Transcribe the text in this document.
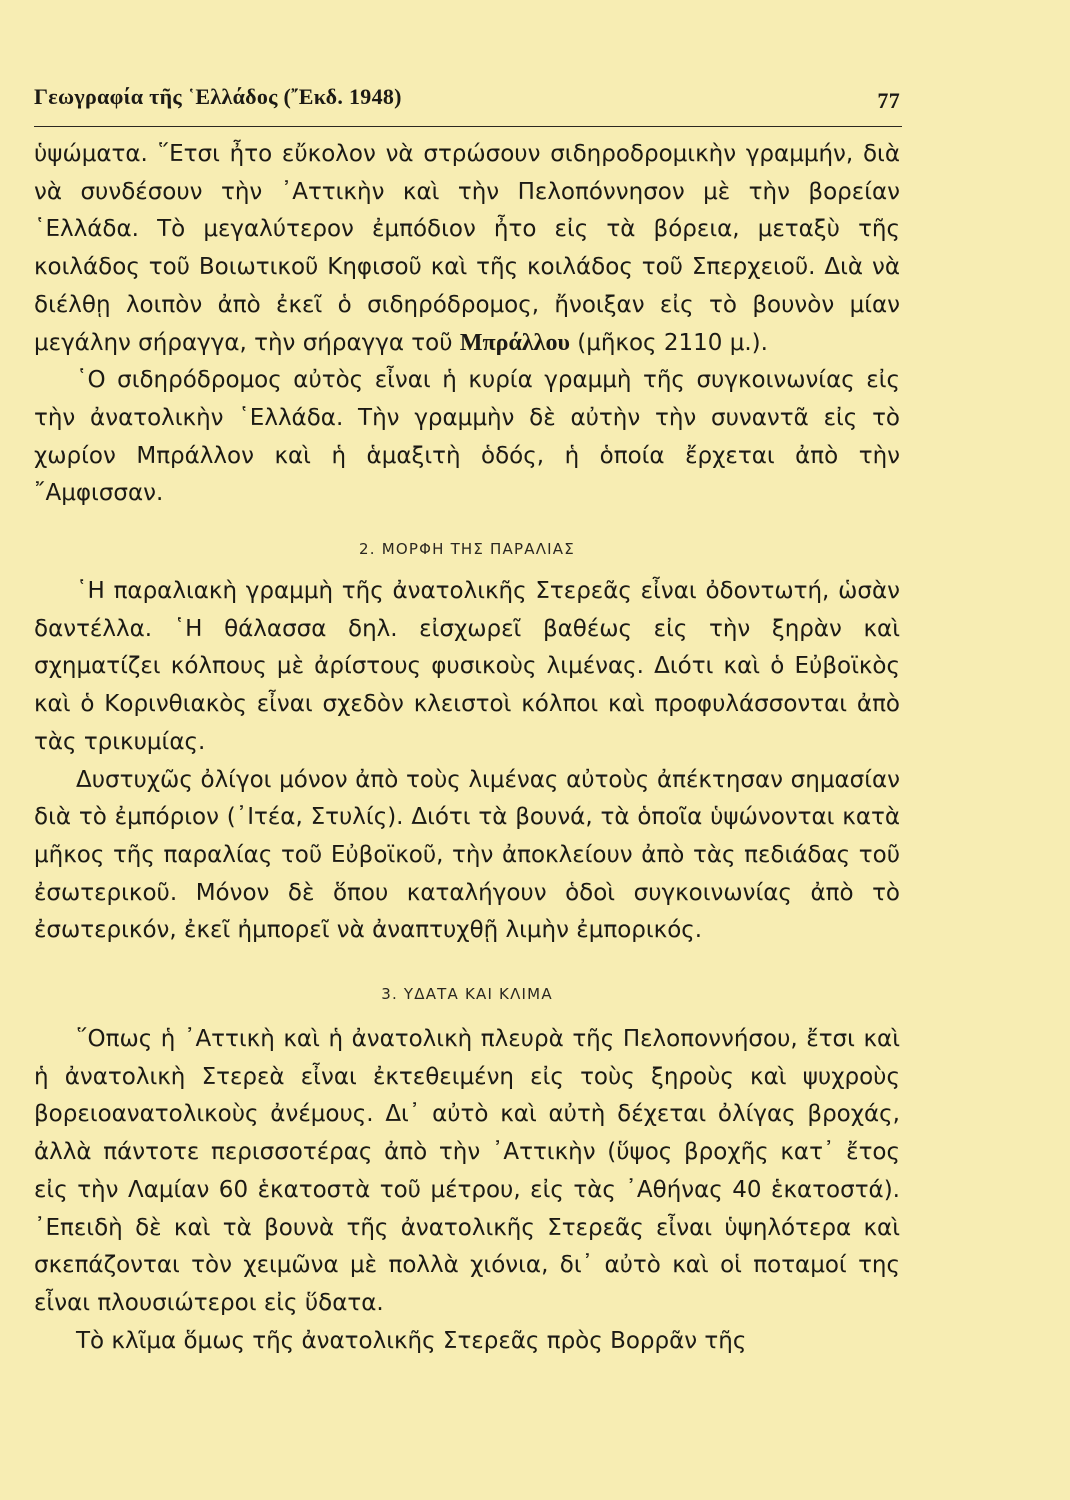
Γεωγραφία τῆς ῾Ελλάδος (῎Εκδ. 1948)	77

ὑψώματα. ῞Ετσι ἦτο εὔκολον νὰ στρώσουν σιδηροδρομικὴν γραμμήν, διὰ νὰ συνδέσουν τὴν ᾿Αττικὴν καὶ τὴν Πελοπόννησον μὲ τὴν βορείαν ῾Ελλάδα. Τὸ μεγαλύτερον ἐμπόδιον ἦτο εἰς τὰ βόρεια, μεταξὺ τῆς κοιλάδος τοῦ Βοιωτικοῦ Κηφισοῦ καὶ τῆς κοιλάδος τοῦ Σπερχειοῦ. Διὰ νὰ διέλθῃ λοιπὸν ἀπὸ ἐκεῖ ὁ σιδηρόδρομος, ἤνοιξαν εἰς τὸ βουνὸν μίαν μεγάλην σήραγγα, τὴν σήραγγα τοῦ Μπράλλου (μῆκος 2110 μ.).

῾Ο σιδηρόδρομος αὐτὸς εἶναι ἡ κυρία γραμμὴ τῆς συγκοινωνίας εἰς τὴν ἀνατολικὴν ῾Ελλάδα. Τὴν γραμμὴν δὲ αὐτὴν τὴν συναντᾶ εἰς τὸ χωρίον Μπράλλον καὶ ἡ ἁμαξιτὴ ὁδός, ἡ ὁποία ἔρχεται ἀπὸ τὴν ῎Αμφισσαν.

2. ΜΟΡΦΗ ΤΗΣ ΠΑΡΑΛΙΑΣ

῾Η παραλιακὴ γραμμὴ τῆς ἀνατολικῆς Στερεᾶς εἶναι ὀδοντωτή, ὡσὰν δαντέλλα. ῾Η θάλασσα δηλ. εἰσχωρεῖ βαθέως εἰς τὴν ξηρὰν καὶ σχηματίζει κόλπους μὲ ἀρίστους φυσικοὺς λιμένας. Διότι καὶ ὁ Εὐβοϊκὸς καὶ ὁ Κορινθιακὸς εἶναι σχεδὸν κλειστοὶ κόλποι καὶ προφυλάσσονται ἀπὸ τὰς τρικυμίας.

Δυστυχῶς ὀλίγοι μόνον ἀπὸ τοὺς λιμένας αὐτοὺς ἀπέκτησαν σημασίαν διὰ τὸ ἐμπόριον (᾿Ιτέα, Στυλίς). Διότι τὰ βουνά, τὰ ὁποῖα ὑψώνονται κατὰ μῆκος τῆς παραλίας τοῦ Εὐβοϊκοῦ, τὴν ἀποκλείουν ἀπὸ τὰς πεδιάδας τοῦ ἐσωτερικοῦ. Μόνον δὲ ὅπου καταλήγουν ὁδοὶ συγκοινωνίας ἀπὸ τὸ ἐσωτερικόν, ἐκεῖ ἠμπορεῖ νὰ ἀναπτυχθῇ λιμὴν ἐμπορικός.

3. ΥΔΑΤΑ ΚΑΙ ΚΛΙΜΑ

῞Οπως ἡ ᾿Αττικὴ καὶ ἡ ἀνατολικὴ πλευρὰ τῆς Πελοποννήσου, ἔτσι καὶ ἡ ἀνατολικὴ Στερεὰ εἶναι ἐκτεθειμένη εἰς τοὺς ξηροὺς καὶ ψυχροὺς βορειοανατολικοὺς ἀνέμους. Δι᾿ αὐτὸ καὶ αὐτὴ δέχεται ὀλίγας βροχάς, ἀλλὰ πάντοτε περισσοτέρας ἀπὸ τὴν ᾿Αττικὴν (ὕψος βροχῆς κατ᾿ ἔτος εἰς τὴν Λαμίαν 60 ἑκατοστὰ τοῦ μέτρου, εἰς τὰς ᾿Αθήνας 40 ἑκατοστά). ᾿Επειδὴ δὲ καὶ τὰ βουνὰ τῆς ἀνατολικῆς Στερεᾶς εἶναι ὑψηλότερα καὶ σκεπάζονται τὸν χειμῶνα μὲ πολλὰ χιόνια, δι᾿ αὐτὸ καὶ οἱ ποταμοί της εἶναι πλουσιώτεροι εἰς ὕδατα.

Τὸ κλῖμα ὅμως τῆς ἀνατολικῆς Στερεᾶς πρὸς Βορρᾶν τῆς
